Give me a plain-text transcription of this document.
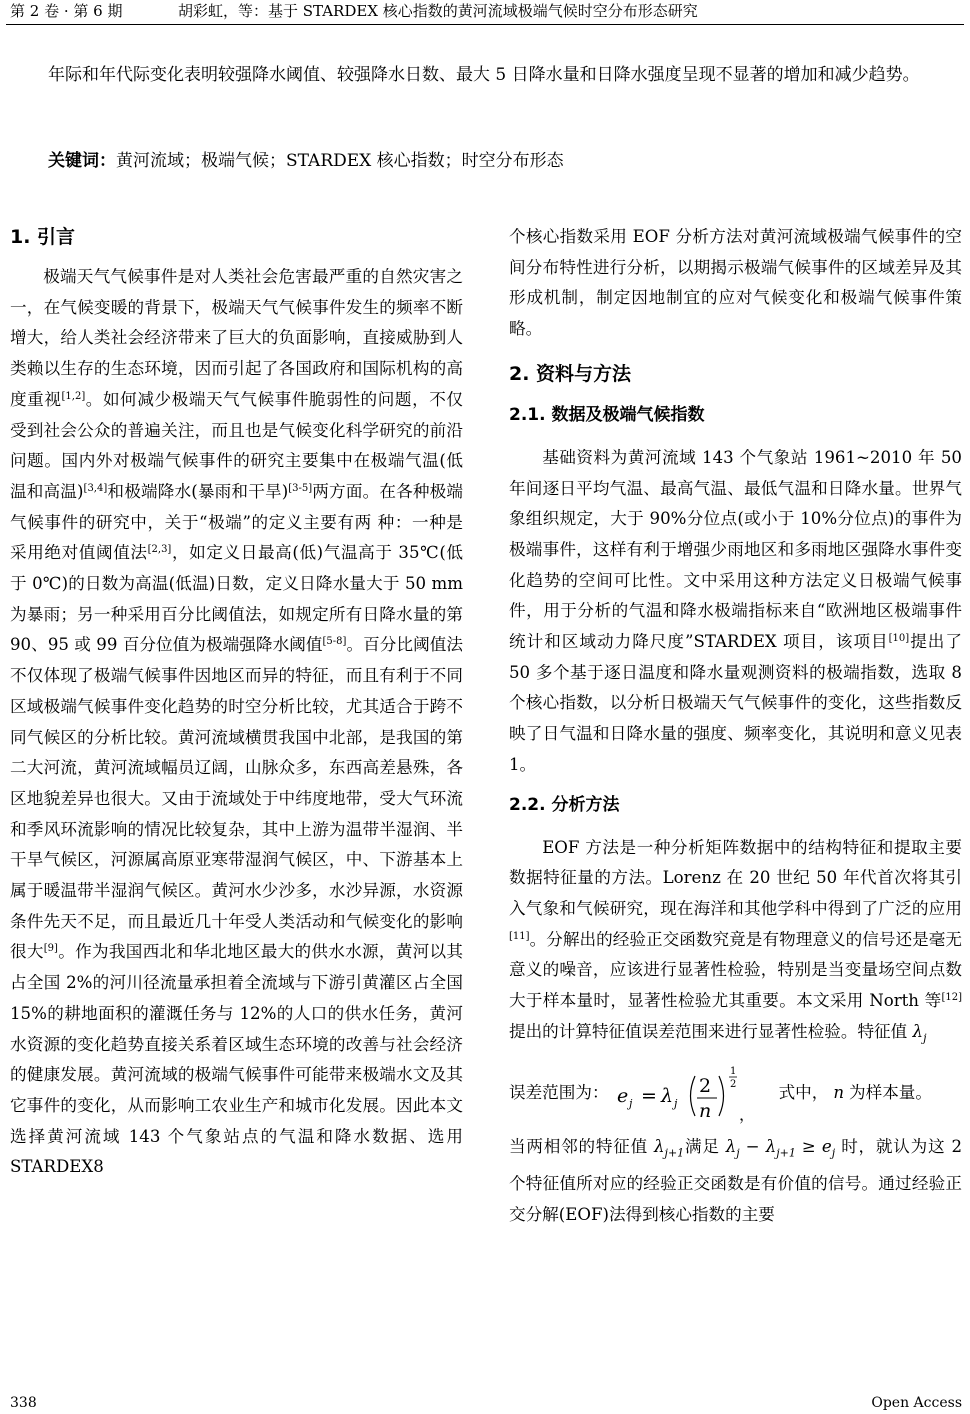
第 2 卷 · 第 6 期	胡彩虹，等：基于 STARDEX 核心指数的黄河流域极端气候时空分布形态研究
年际和年代际变化表明较强降水阈值、较强降水日数、最大 5 日降水量和日降水强度呈现不显著的增加和减少趋势。
关键词：黄河流域；极端气候；STARDEX 核心指数；时空分布形态
1. 引言

极端天气气候事件是对人类社会危害最严重的自然灾害之一，在气候变暖的背景下，极端天气气候事件发生的频率不断增大，给人类社会经济带来了巨大的负面影响，直接威胁到人类赖以生存的生态环境，因而引起了各国政府和国际机构的高度重视[1,2]。如何减少极端天气气候事件脆弱性的问题，不仅受到社会公众的普遍关注，而且也是气候变化科学研究的前沿问题。国内外对极端气候事件的研究主要集中在极端气温(低温和高温)[3,4]和极端降水(暴雨和干旱)[3-5]两方面。在各种极端气候事件的研究中，关于“极端”的定义主要有两 种：一种是采用绝对值阈值法[2,3]，如定义日最高(低)气温高于 35℃(低于 0℃)的日数为高温(低温)日数，定义日降水量大于 50 mm 为暴雨；另一种采用百分比阈值法，如规定所有日降水量的第 90、95 或 99 百分位值为极端强降水阈值[5-8]。百分比阈值法不仅体现了极端气候事件因地区而异的特征，而且有利于不同区域极端气候事件变化趋势的时空分析比较，尤其适合于跨不同气候区的分析比较。黄河流域横贯我国中北部，是我国的第二大河流，黄河流域幅员辽阔，山脉众多，东西高差悬殊，各区地貌差异也很大。又由于流域处于中纬度地带，受大气环流和季风环流影响的情况比较复杂，其中上游为温带半湿润、半干旱气候区，河源属高原亚寒带湿润气候区，中、下游基本上属于暖温带半湿润气候区。黄河水少沙多，水沙异源，水资源条件先天不足，而且最近几十年受人类活动和气候变化的影响很大[9]。作为我国西北和华北地区最大的供水水源，黄河以其占全国 2%的河川径流量承担着全流域与下游引黄灌区占全国 15%的耕地面积的灌溉任务与 12%的人口的供水任务，黄河水资源的变化趋势直接关系着区域生态环境的改善与社会经济的健康发展。黄河流域的极端气候事件可能带来极端水文及其它事件的变化，从而影响工农业生产和城市化发展。因此本文选择黄河流域 143 个气象站点的气温和降水数据、选用 STARDEX8

个核心指数采用 EOF 分析方法对黄河流域极端气候事件的空间分布特性进行分析，以期揭示极端气候事件的区域差异及其形成机制，制定因地制宜的应对气候变化和极端气候事件策略。

2. 资料与方法
2.1. 数据及极端气候指数

基础资料为黄河流域 143 个气象站 1961~2010 年 50 年间逐日平均气温、最高气温、最低气温和日降水量。世界气象组织规定，大于 90%分位点(或小于 10%分位点)的事件为极端事件，这样有利于增强少雨地区和多雨地区强降水事件变化趋势的空间可比性。文中采用这种方法定义日极端气候事件，用于分析的气温和降水极端指标来自“欧洲地区极端事件统计和区域动力降尺度”STARDEX 项目，该项目[10]提出了 50 多个基于逐日温度和降水量观测资料的极端指数，选取 8 个核心指数，以分析日极端天气气候事件的变化，这些指数反映了日气温和日降水量的强度、频率变化，其说明和意义见表 1。

2.2. 分析方法

EOF 方法是一种分析矩阵数据中的结构特征和提取主要数据特征量的方法。Lorenz 在 20 世纪 50 年代首次将其引入气象和气候研究，现在海洋和其他学科中得到了广泛的应用[11]。分解出的经验正交函数究竟是有物理意义的信号还是毫无意义的噪音，应该进行显著性检验，特别是当变量场空间点数大于样本量时，显著性检验尤其重要。本文采用 North 等[12]提出的计算特征值误差范围来进行显著性检验。特征值 $\lambda_j$

误差范围为： e j = λ j
2
n
1
2
，
式中， n 为样本量。

当两相邻的特征值 $\lambda_{j+1}$满足 $\lambda_j - \lambda_{j+1} \ge e_j$ 时，就认为这 2 个特征值所对应的经验正交函数是有价值的信号。通过经验正交分解(EOF)法得到核心指数的主要

338	Open Access
